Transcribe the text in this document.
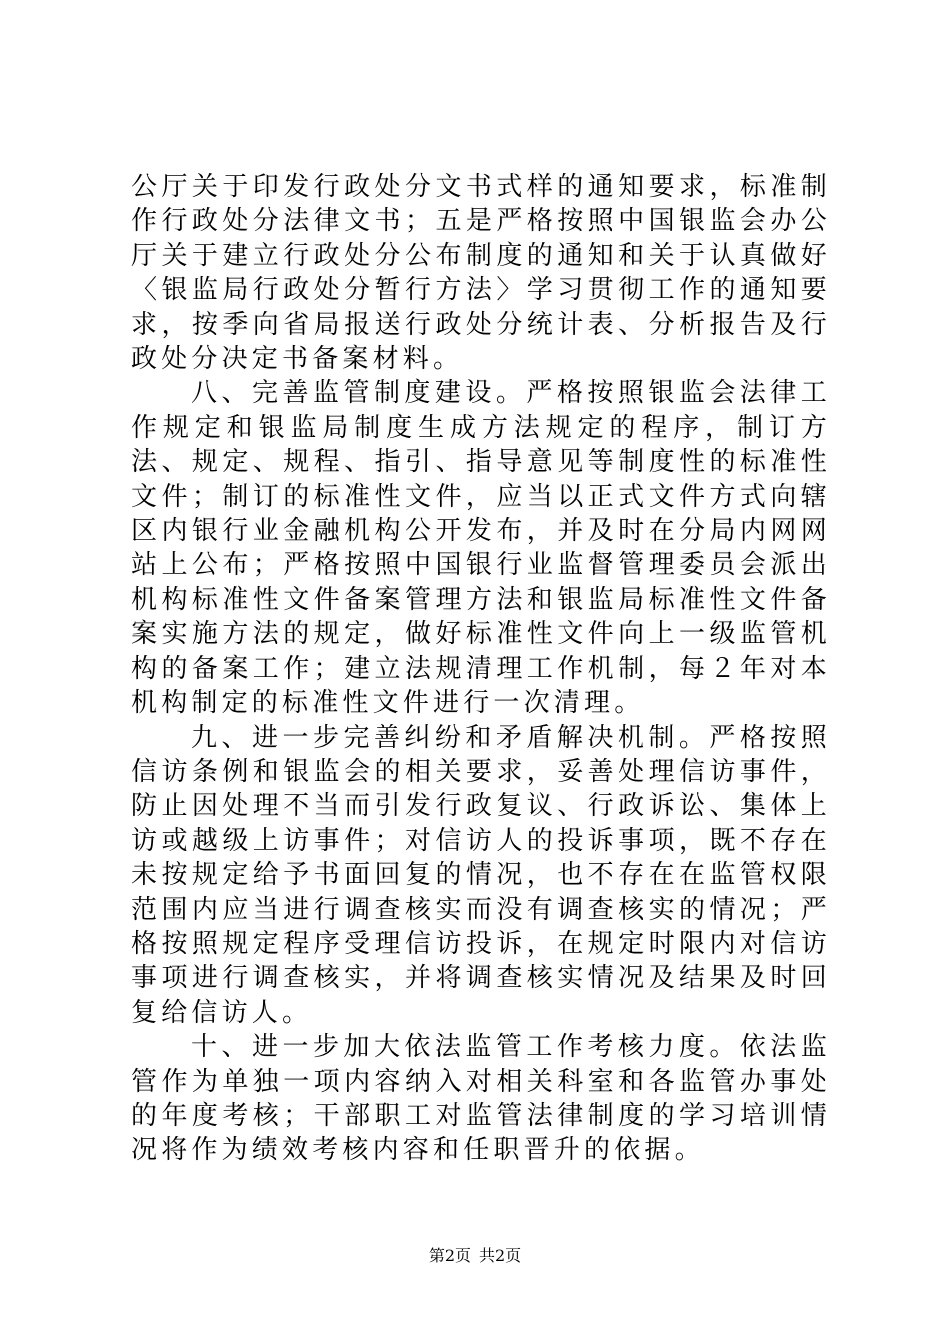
公厅关于印发行政处分文书式样的通知要求，标准制作行政处分法律文书；五是严格按照中国银监会办公厅关于建立行政处分公布制度的通知和关于认真做好〈银监局行政处分暂行方法〉学习贯彻工作的通知要求，按季向省局报送行政处分统计表、分析报告及行政处分决定书备案材料。

八、完善监管制度建设。严格按照银监会法律工作规定和银监局制度生成方法规定的程序，制订方法、规定、规程、指引、指导意见等制度性的标准性文件；制订的标准性文件，应当以正式文件方式向辖区内银行业金融机构公开发布，并及时在分局内网网站上公布；严格按照中国银行业监督管理委员会派出机构标准性文件备案管理方法和银监局标准性文件备案实施方法的规定，做好标准性文件向上一级监管机构的备案工作；建立法规清理工作机制，每２年对本机构制定的标准性文件进行一次清理。

九、进一步完善纠纷和矛盾解决机制。严格按照信访条例和银监会的相关要求，妥善处理信访事件，防止因处理不当而引发行政复议、行政诉讼、集体上访或越级上访事件；对信访人的投诉事项，既不存在未按规定给予书面回复的情况，也不存在在监管权限范围内应当进行调查核实而没有调查核实的情况；严格按照规定程序受理信访投诉，在规定时限内对信访事项进行调查核实，并将调查核实情况及结果及时回复给信访人。

十、进一步加大依法监管工作考核力度。依法监管作为单独一项内容纳入对相关科室和各监管办事处的年度考核；干部职工对监管法律制度的学习培训情况将作为绩效考核内容和任职晋升的依据。

第2页 共2页
